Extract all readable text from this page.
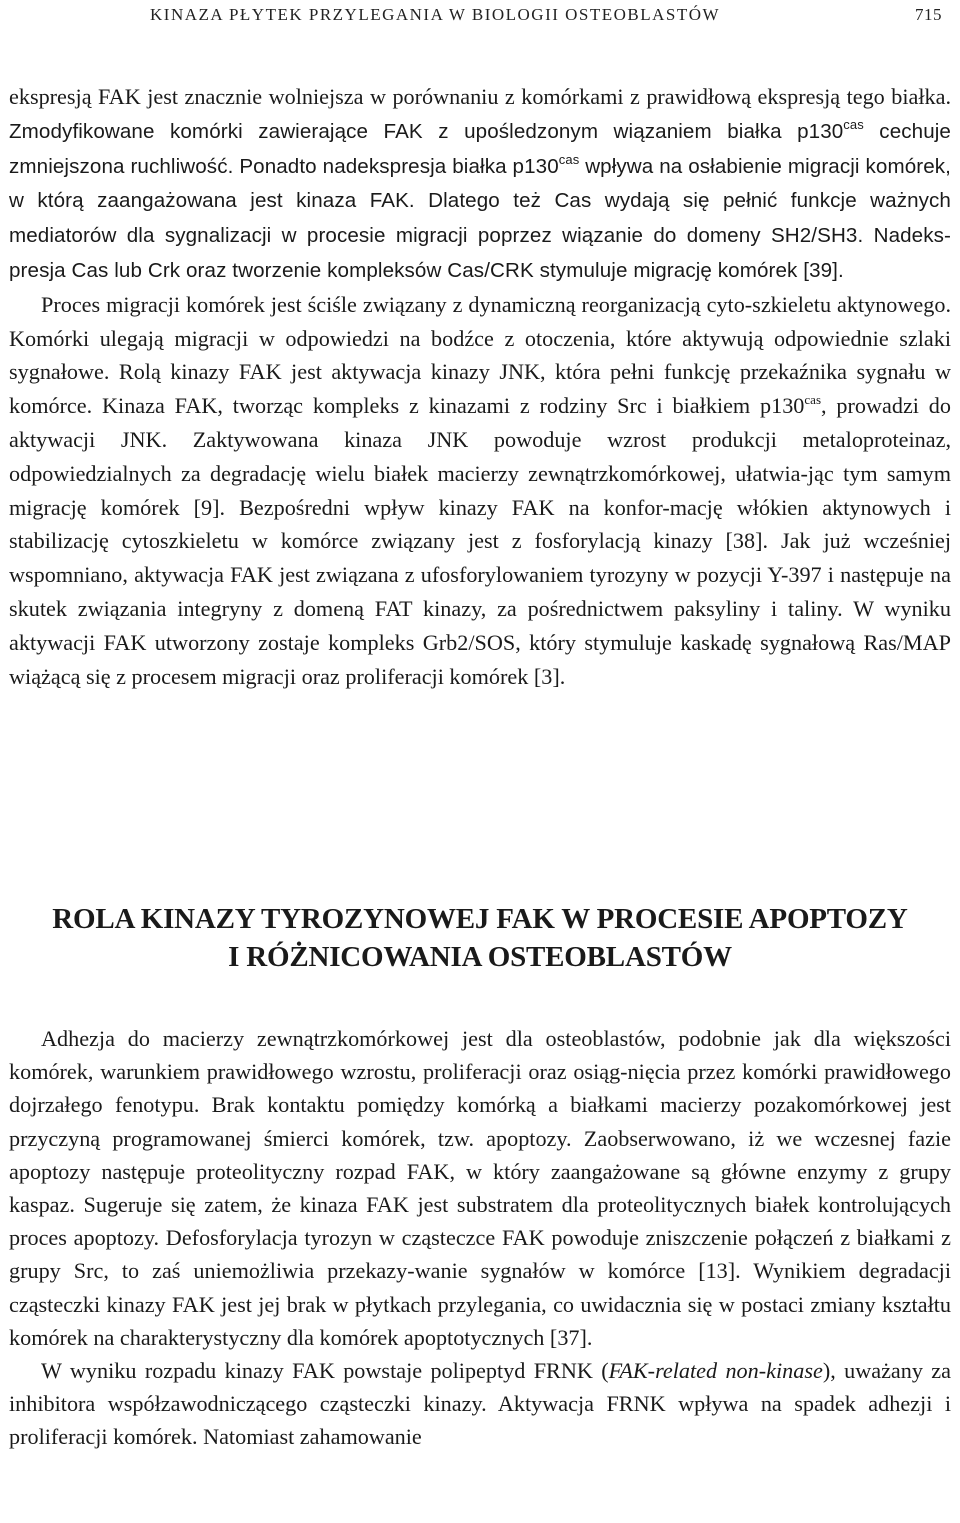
KINAZA PŁYTEK PRZYLEGANIA W BIOLOGII OSTEOBLASTÓW	715

ekspresją FAK jest znacznie wolniejsza w porównaniu z komórkami z prawidłową ekspresją tego białka. Zmodyfikowane komórki zawierające FAK z upośledzonym wiązaniem białka $p130^{cas}$ cechuje zmniejszona ruchliwość. Ponadto nadekspresja białka $p130^{cas}$ wpływa na osłabienie migracji komórek, w którą zaangażowana jest kinaza FAK. Dlatego też Cas wydają się pełnić funkcje ważnych mediatorów dla sygnalizacji w procesie migracji poprzez wiązanie do domeny SH2/SH3. Nadeks-presja Cas lub Crk oraz tworzenie kompleksów Cas/CRK stymuluje migrację komórek [39].

Proces migracji komórek jest ściśle związany z dynamiczną reorganizacją cyto-szkieletu aktynowego. Komórki ulegają migracji w odpowiedzi na bodźce z otoczenia, które aktywują odpowiednie szlaki sygnałowe. Rolą kinazy FAK jest aktywacja kinazy JNK, która pełni funkcję przekaźnika sygnału w komórce. Kinaza FAK, tworząc kompleks z kinazami z rodziny Src i białkiem $p130^{cas}$, prowadzi do aktywacji JNK. Zaktywowana kinaza JNK powoduje wzrost produkcji metaloproteinaz, odpowiedzialnych za degradację wielu białek macierzy zewnątrzkomórkowej, ułatwia-jąc tym samym migrację komórek [9]. Bezpośredni wpływ kinazy FAK na konfor-mację włókien aktynowych i stabilizację cytoszkieletu w komórce związany jest z fosforylacją kinazy [38]. Jak już wcześniej wspomniano, aktywacja FAK jest związana z ufosforylowaniem tyrozyny w pozycji Y-397 i następuje na skutek związania integryny z domeną FAT kinazy, za pośrednictwem paksyliny i taliny. W wyniku aktywacji FAK utworzony zostaje kompleks Grb2/SOS, który stymuluje kaskadę sygnałową Ras/MAP wiążącą się z procesem migracji oraz proliferacji komórek [3].

ROLA KINAZY TYROZYNOWEJ FAK W PROCESIE APOPTOZY
I RÓŻNICOWANIA OSTEOBLASTÓW

Adhezja do macierzy zewnątrzkomórkowej jest dla osteoblastów, podobnie jak dla większości komórek, warunkiem prawidłowego wzrostu, proliferacji oraz osiąg-nięcia przez komórki prawidłowego dojrzałego fenotypu. Brak kontaktu pomiędzy komórką a białkami macierzy pozakomórkowej jest przyczyną programowanej śmierci komórek, tzw. apoptozy. Zaobserwowano, iż we wczesnej fazie apoptozy następuje proteolityczny rozpad FAK, w który zaangażowane są główne enzymy z grupy kaspaz. Sugeruje się zatem, że kinaza FAK jest substratem dla proteolitycznych białek kontrolujących proces apoptozy. Defosforylacja tyrozyn w cząsteczce FAK powoduje zniszczenie połączeń z białkami z grupy Src, to zaś uniemożliwia przekazy-wanie sygnałów w komórce [13]. Wynikiem degradacji cząsteczki kinazy FAK jest jej brak w płytkach przylegania, co uwidacznia się w postaci zmiany kształtu komórek na charakterystyczny dla komórek apoptotycznych [37].

W wyniku rozpadu kinazy FAK powstaje polipeptyd FRNK (FAK-related non-kinase), uważany za inhibitora współzawodniczącego cząsteczki kinazy. Aktywacja FRNK wpływa na spadek adhezji i proliferacji komórek. Natomiast zahamowanie
